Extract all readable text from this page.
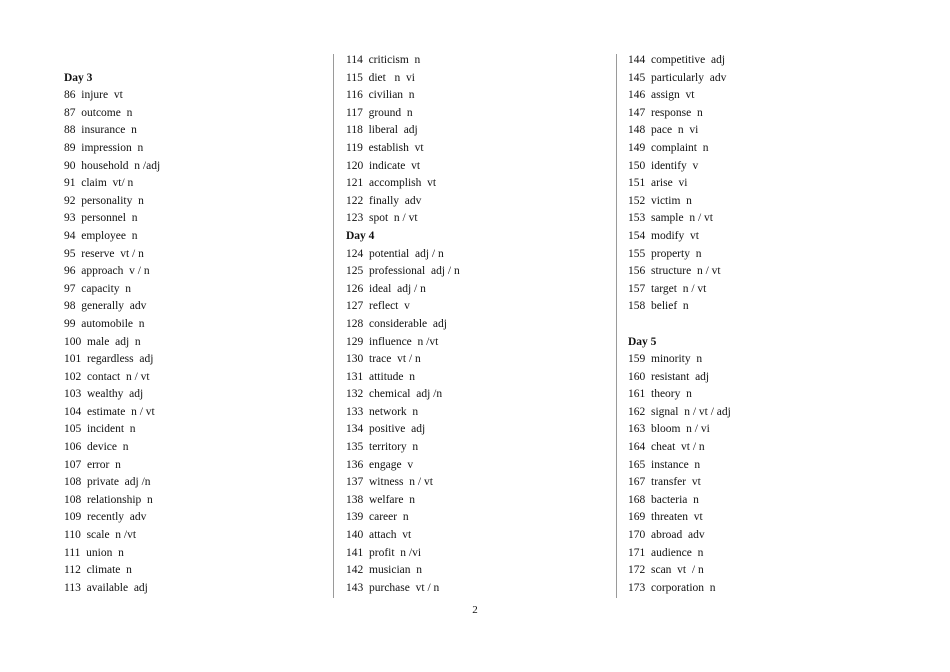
Day 3
86  injure  vt
87  outcome  n
88  insurance  n
89  impression  n
90  household  n /adj
91  claim  vt/ n
92  personality  n
93  personnel  n
94  employee  n
95  reserve  vt / n
96  approach  v / n
97  capacity  n
98  generally  adv
99  automobile  n
100  male  adj  n
101  regardless  adj
102  contact  n / vt
103  wealthy  adj
104  estimate  n / vt
105  incident  n
106  device  n
107  error  n
108  private  adj /n
108  relationship  n
109  recently  adv
110  scale  n /vt
111  union  n
112  climate  n
113  available  adj
114  criticism  n
115  diet   n  vi
116  civilian  n
117  ground  n
118  liberal  adj
119  establish  vt
120  indicate  vt
121  accomplish  vt
122  finally  adv
123  spot  n / vt
Day 4
124  potential  adj / n
125  professional  adj / n
126  ideal  adj / n
127  reflect  v
128  considerable  adj
129  influence  n /vt
130  trace  vt / n
131  attitude  n
132  chemical  adj /n
133  network  n
134  positive  adj
135  territory  n
136  engage  v
137  witness  n / vt
138  welfare  n
139  career  n
140  attach  vt
141  profit  n /vi
142  musician  n
143  purchase  vt / n
144  competitive  adj
145  particularly  adv
146  assign  vt
147  response  n
148  pace  n  vi
149  complaint  n
150  identify  v
151  arise  vi
152  victim  n
153  sample  n / vt
154  modify  vt
155  property  n
156  structure  n / vt
157  target  n / vt
158  belief  n
Day 5
159  minority  n
160  resistant  adj
161  theory  n
162  signal  n / vt / adj
163  bloom  n / vi
164  cheat  vt / n
165  instance  n
167  transfer  vt
168  bacteria  n
169  threaten  vt
170  abroad  adv
171  audience  n
172  scan  vt  / n
173  corporation  n
2
